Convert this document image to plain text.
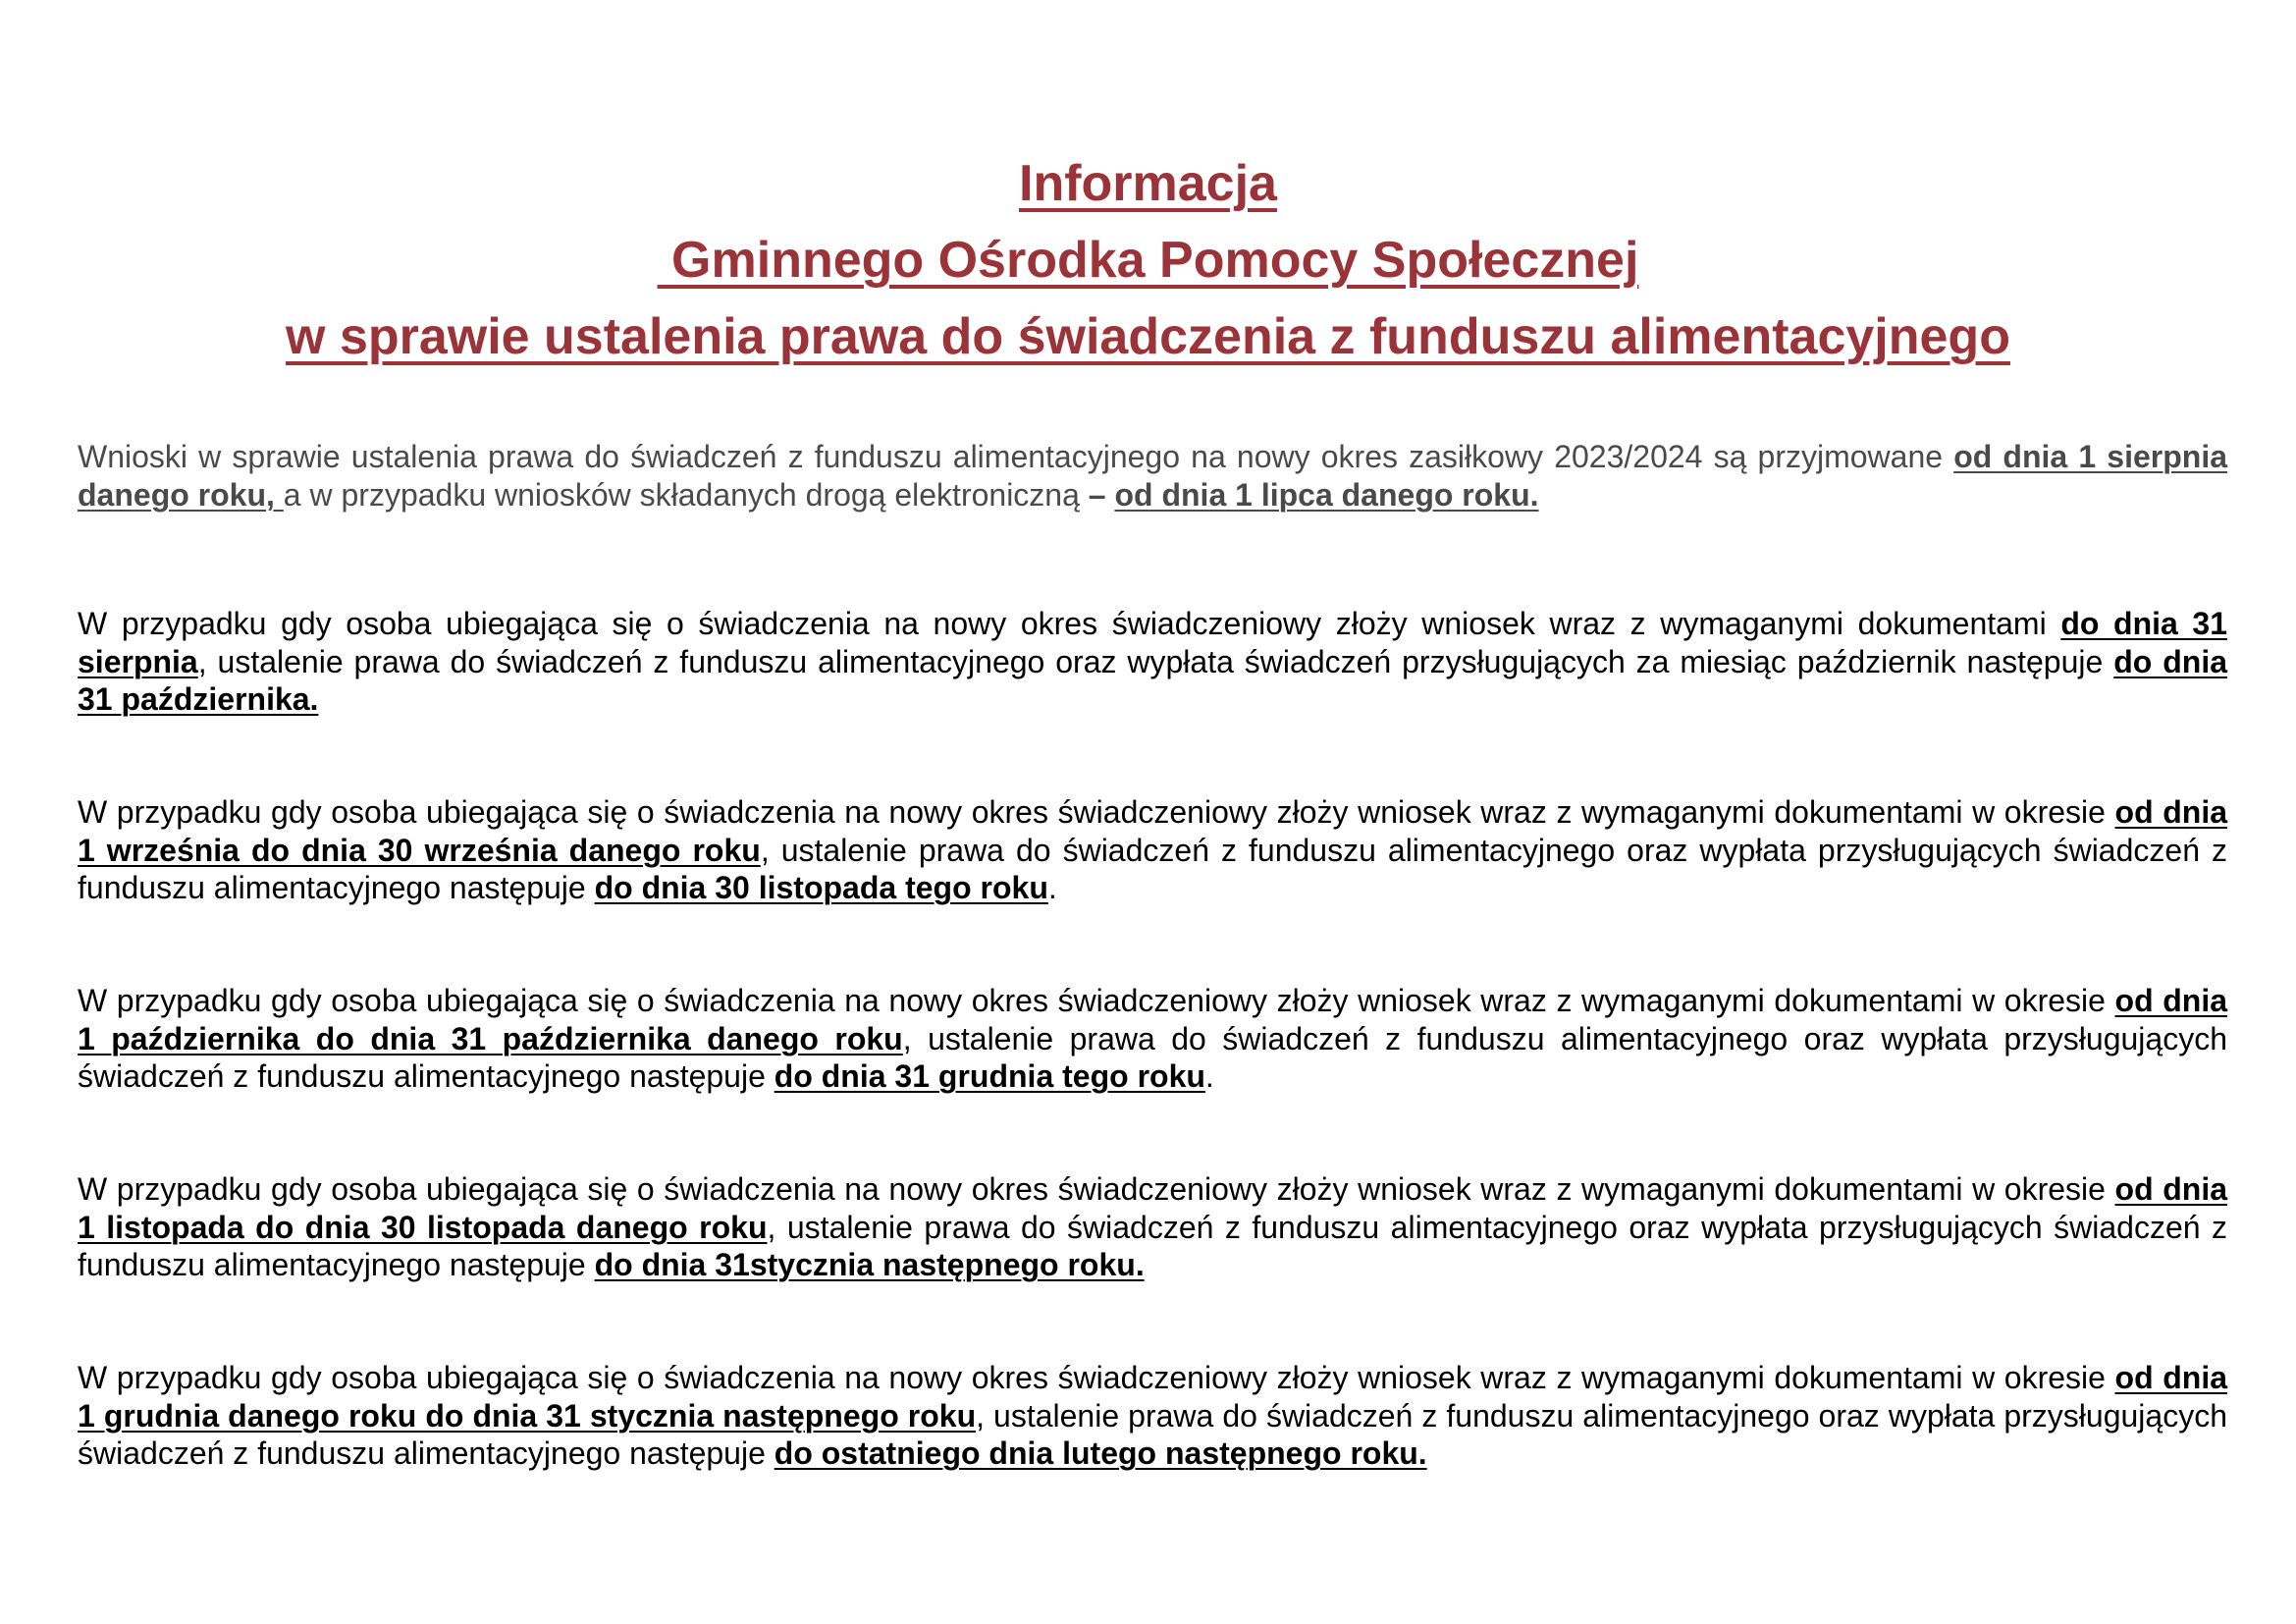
Informacja
Gminnego Ośrodka Pomocy Społecznej
w sprawie ustalenia prawa do świadczenia z funduszu alimentacyjnego

Wnioski w sprawie ustalenia prawa do świadczeń z funduszu alimentacyjnego na nowy okres zasiłkowy 2023/2024 są przyjmowane od dnia 1 sierpnia danego roku, a w przypadku wniosków składanych drogą elektroniczną – od dnia 1 lipca danego roku.

W przypadku gdy osoba ubiegająca się o świadczenia na nowy okres świadczeniowy złoży wniosek wraz z wymaganymi dokumentami do dnia 31 sierpnia, ustalenie prawa do świadczeń z funduszu alimentacyjnego oraz wypłata świadczeń przysługujących za miesiąc październik następuje do dnia 31 października.

W przypadku gdy osoba ubiegająca się o świadczenia na nowy okres świadczeniowy złoży wniosek wraz z wymaganymi dokumentami w okresie od dnia 1 września do dnia 30 września danego roku, ustalenie prawa do świadczeń z funduszu alimentacyjnego oraz wypłata przysługujących świadczeń z funduszu alimentacyjnego następuje do dnia 30 listopada tego roku.

W przypadku gdy osoba ubiegająca się o świadczenia na nowy okres świadczeniowy złoży wniosek wraz z wymaganymi dokumentami w okresie od dnia 1 października do dnia 31 października danego roku, ustalenie prawa do świadczeń z funduszu alimentacyjnego oraz wypłata przysługujących świadczeń z funduszu alimentacyjnego następuje do dnia 31 grudnia tego roku.

W przypadku gdy osoba ubiegająca się o świadczenia na nowy okres świadczeniowy złoży wniosek wraz z wymaganymi dokumentami w okresie od dnia 1 listopada do dnia 30 listopada danego roku, ustalenie prawa do świadczeń z funduszu alimentacyjnego oraz wypłata przysługujących świadczeń z funduszu alimentacyjnego następuje do dnia 31stycznia następnego roku.

W przypadku gdy osoba ubiegająca się o świadczenia na nowy okres świadczeniowy złoży wniosek wraz z wymaganymi dokumentami w okresie od dnia 1 grudnia danego roku do dnia 31 stycznia następnego roku, ustalenie prawa do świadczeń z funduszu alimentacyjnego oraz wypłata przysługujących świadczeń z funduszu alimentacyjnego następuje do ostatniego dnia lutego następnego roku.
